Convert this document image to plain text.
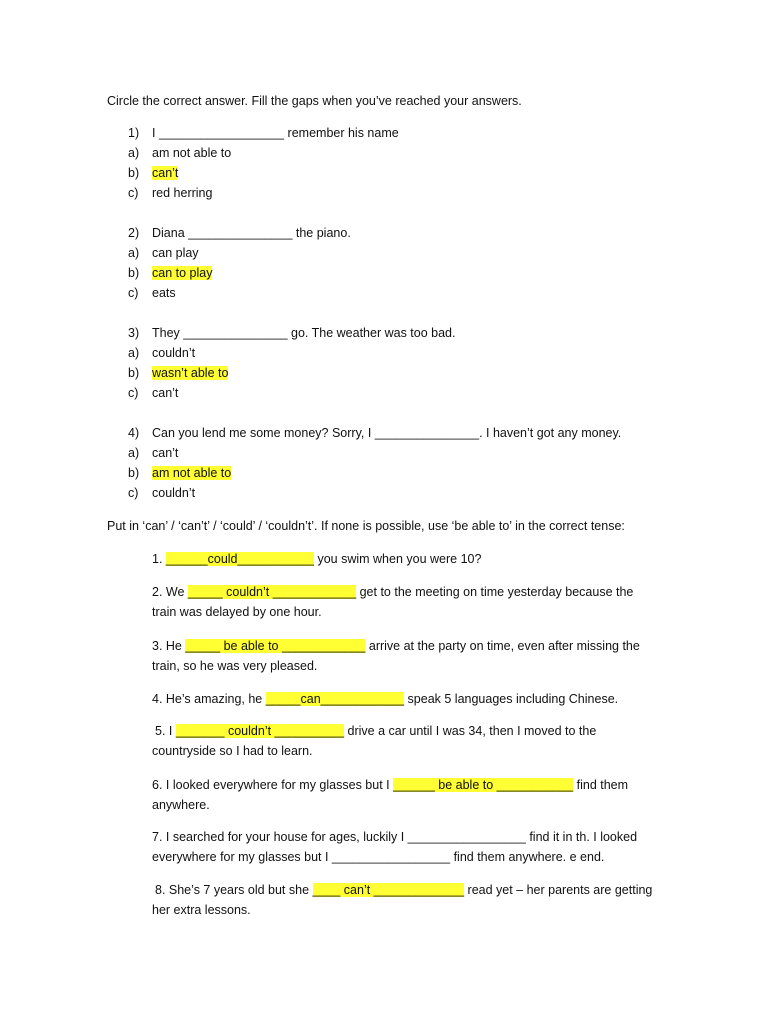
Circle the correct answer. Fill the gaps when you’ve reached your answers.
1) I __________________ remember his name
a) am not able to
b) can’t
c) red herring
2) Diana _______________ the piano.
a) can play
b) can to play
c) eats
3) They _______________ go. The weather was too bad.
a) couldn’t
b) wasn’t able to
c) can’t
4) Can you lend me some money? Sorry, I _______________. I haven’t got any money.
a) can’t
b) am not able to
c) couldn’t
Put in ‘can’ / ‘can’t’ / ‘could’ / ‘couldn’t’. If none is possible, use ‘be able to’ in the correct tense:
1. ______could___________ you swim when you were 10?
2. We _____ couldn’t ____________ get to the meeting on time yesterday because the
train was delayed by one hour.
3. He _____ be able to ____________ arrive at the party on time, even after missing the
train, so he was very pleased.
4. He’s amazing, he _____can____________ speak 5 languages including Chinese.
5. I _______ couldn’t __________ drive a car until I was 34, then I moved to the
countryside so I had to learn.
6. I looked everywhere for my glasses but I ______ be able to ___________ find them
anywhere.
7. I searched for your house for ages, luckily I _________________ find it in th. I looked
everywhere for my glasses but I _________________ find them anywhere. e end.
8. She’s 7 years old but she ____ can’t _____________ read yet – her parents are getting
her extra lessons.
